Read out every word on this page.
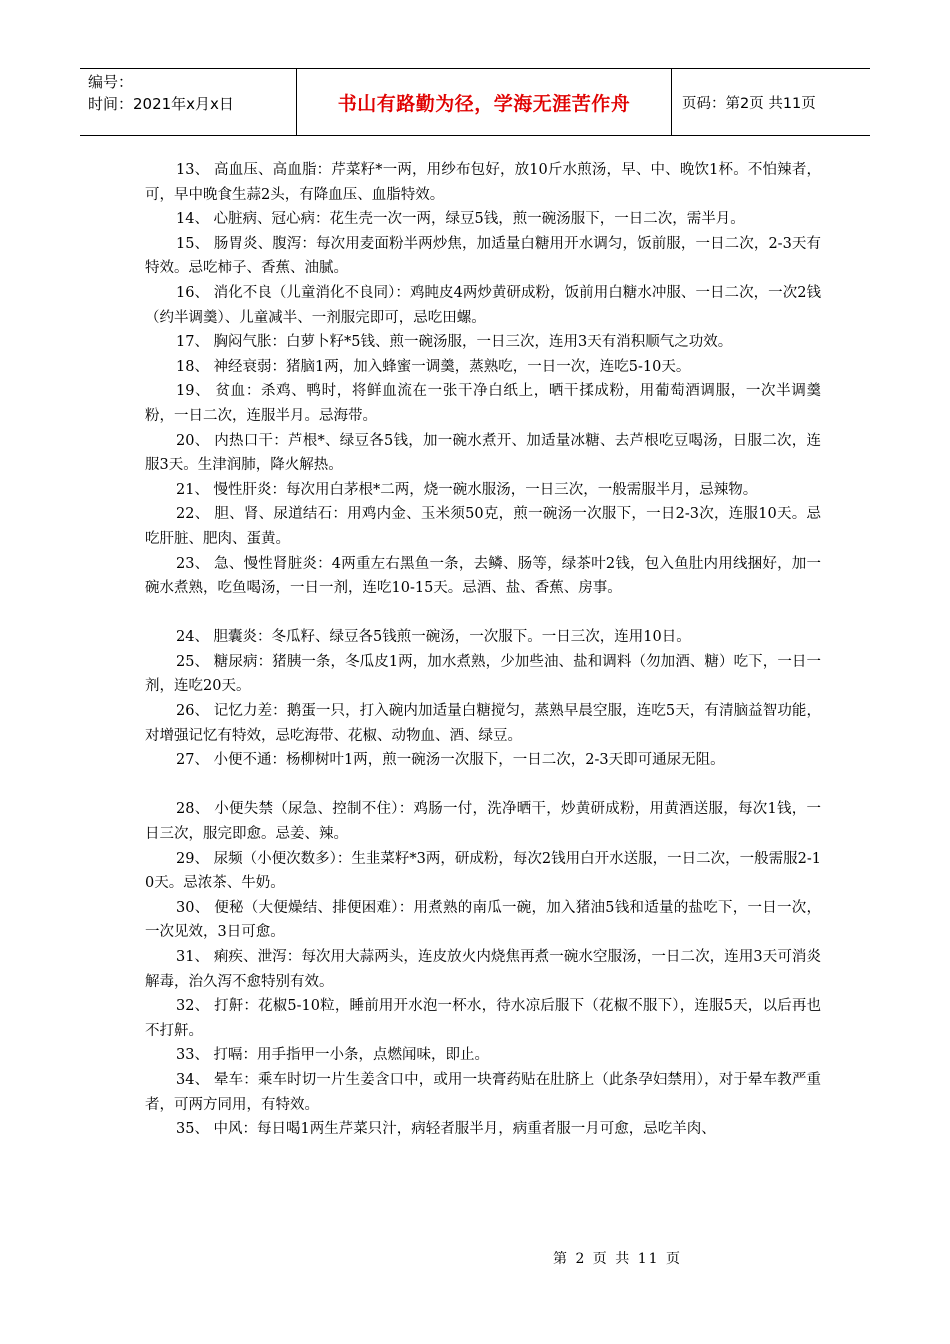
编号：
时间：2021年x月x日	书山有路勤为径，学海无涯苦作舟	页码：第2页 共11页

13、 高血压、高血脂：芹菜籽*一两，用纱布包好，放10斤水煎汤，早、中、晚饮1杯。不怕辣者，可，早中晚食生蒜2头，有降血压、血脂特效。

14、 心脏病、冠心病：花生壳一次一两，绿豆5钱，煎一碗汤服下，一日二次，需半月。

15、 肠胃炎、腹泻：每次用麦面粉半两炒焦，加适量白糖用开水调匀，饭前服，一日二次，2-3天有特效。忌吃柿子、香蕉、油腻。

16、 消化不良（儿童消化不良同）：鸡盹皮4两炒黄研成粉，饭前用白糖水冲服、一日二次，一次2钱（约半调羹）、儿童减半、一剂服完即可，忌吃田螺。

17、 胸闷气胀：白萝卜籽*5钱、煎一碗汤服，一日三次，连用3天有消积顺气之功效。

18、 神经衰弱：猪脑1两，加入蜂蜜一调羹，蒸熟吃，一日一次，连吃5-10天。

19、 贫血：杀鸡、鸭时，将鲜血流在一张干净白纸上，晒干揉成粉，用葡萄酒调服，一次半调羹粉，一日二次，连服半月。忌海带。

20、 内热口干：芦根*、绿豆各5钱，加一碗水煮开、加适量冰糖、去芦根吃豆喝汤，日服二次，连服3天。生津润肺，降火解热。

21、 慢性肝炎：每次用白茅根*二两，烧一碗水服汤，一日三次，一般需服半月，忌辣物。

22、 胆、肾、尿道结石：用鸡内金、玉米须50克，煎一碗汤一次服下，一日2-3次，连服10天。忌吃肝脏、肥肉、蛋黄。

23、 急、慢性肾脏炎：4两重左右黑鱼一条，去鳞、肠等，绿茶叶2钱，包入鱼肚内用线捆好，加一碗水煮熟，吃鱼喝汤，一日一剂，连吃10-15天。忌酒、盐、香蕉、房事。

24、 胆囊炎：冬瓜籽、绿豆各5钱煎一碗汤，一次服下。一日三次，连用10日。

25、 糖尿病：猪胰一条，冬瓜皮1两，加水煮熟，少加些油、盐和调料（勿加酒、糖）吃下，一日一剂，连吃20天。

26、 记忆力差：鹅蛋一只，打入碗内加适量白糖搅匀，蒸熟早晨空服，连吃5天，有清脑益智功能，对增强记忆有特效，忌吃海带、花椒、动物血、酒、绿豆。

27、 小便不通：杨柳树叶1两，煎一碗汤一次服下，一日二次，2-3天即可通尿无阻。

28、 小便失禁（尿急、控制不住）：鸡肠一付，洗净晒干，炒黄研成粉，用黄酒送服，每次1钱，一日三次，服完即愈。忌姜、辣。

29、 尿频（小便次数多）：生韭菜籽*3两，研成粉，每次2钱用白开水送服，一日二次，一般需服2-10天。忌浓茶、牛奶。

30、 便秘（大便燥结、排便困难）：用煮熟的南瓜一碗，加入猪油5钱和适量的盐吃下，一日一次，一次见效，3日可愈。

31、 痢疾、泄泻：每次用大蒜两头，连皮放火内烧焦再煮一碗水空服汤，一日二次，连用3天可消炎解毒，治久泻不愈特别有效。

32、 打鼾：花椒5-10粒，睡前用开水泡一杯水，待水凉后服下（花椒不服下），连服5天，以后再也不打鼾。

33、 打嗝：用手指甲一小条，点燃闻味，即止。

34、 晕车：乘车时切一片生姜含口中，或用一块膏药贴在肚脐上（此条孕妇禁用），对于晕车教严重者，可两方同用，有特效。

35、 中风：每日喝1两生芹菜只汁，病轻者服半月，病重者服一月可愈，忌吃羊肉、

第 2 页 共 11 页
